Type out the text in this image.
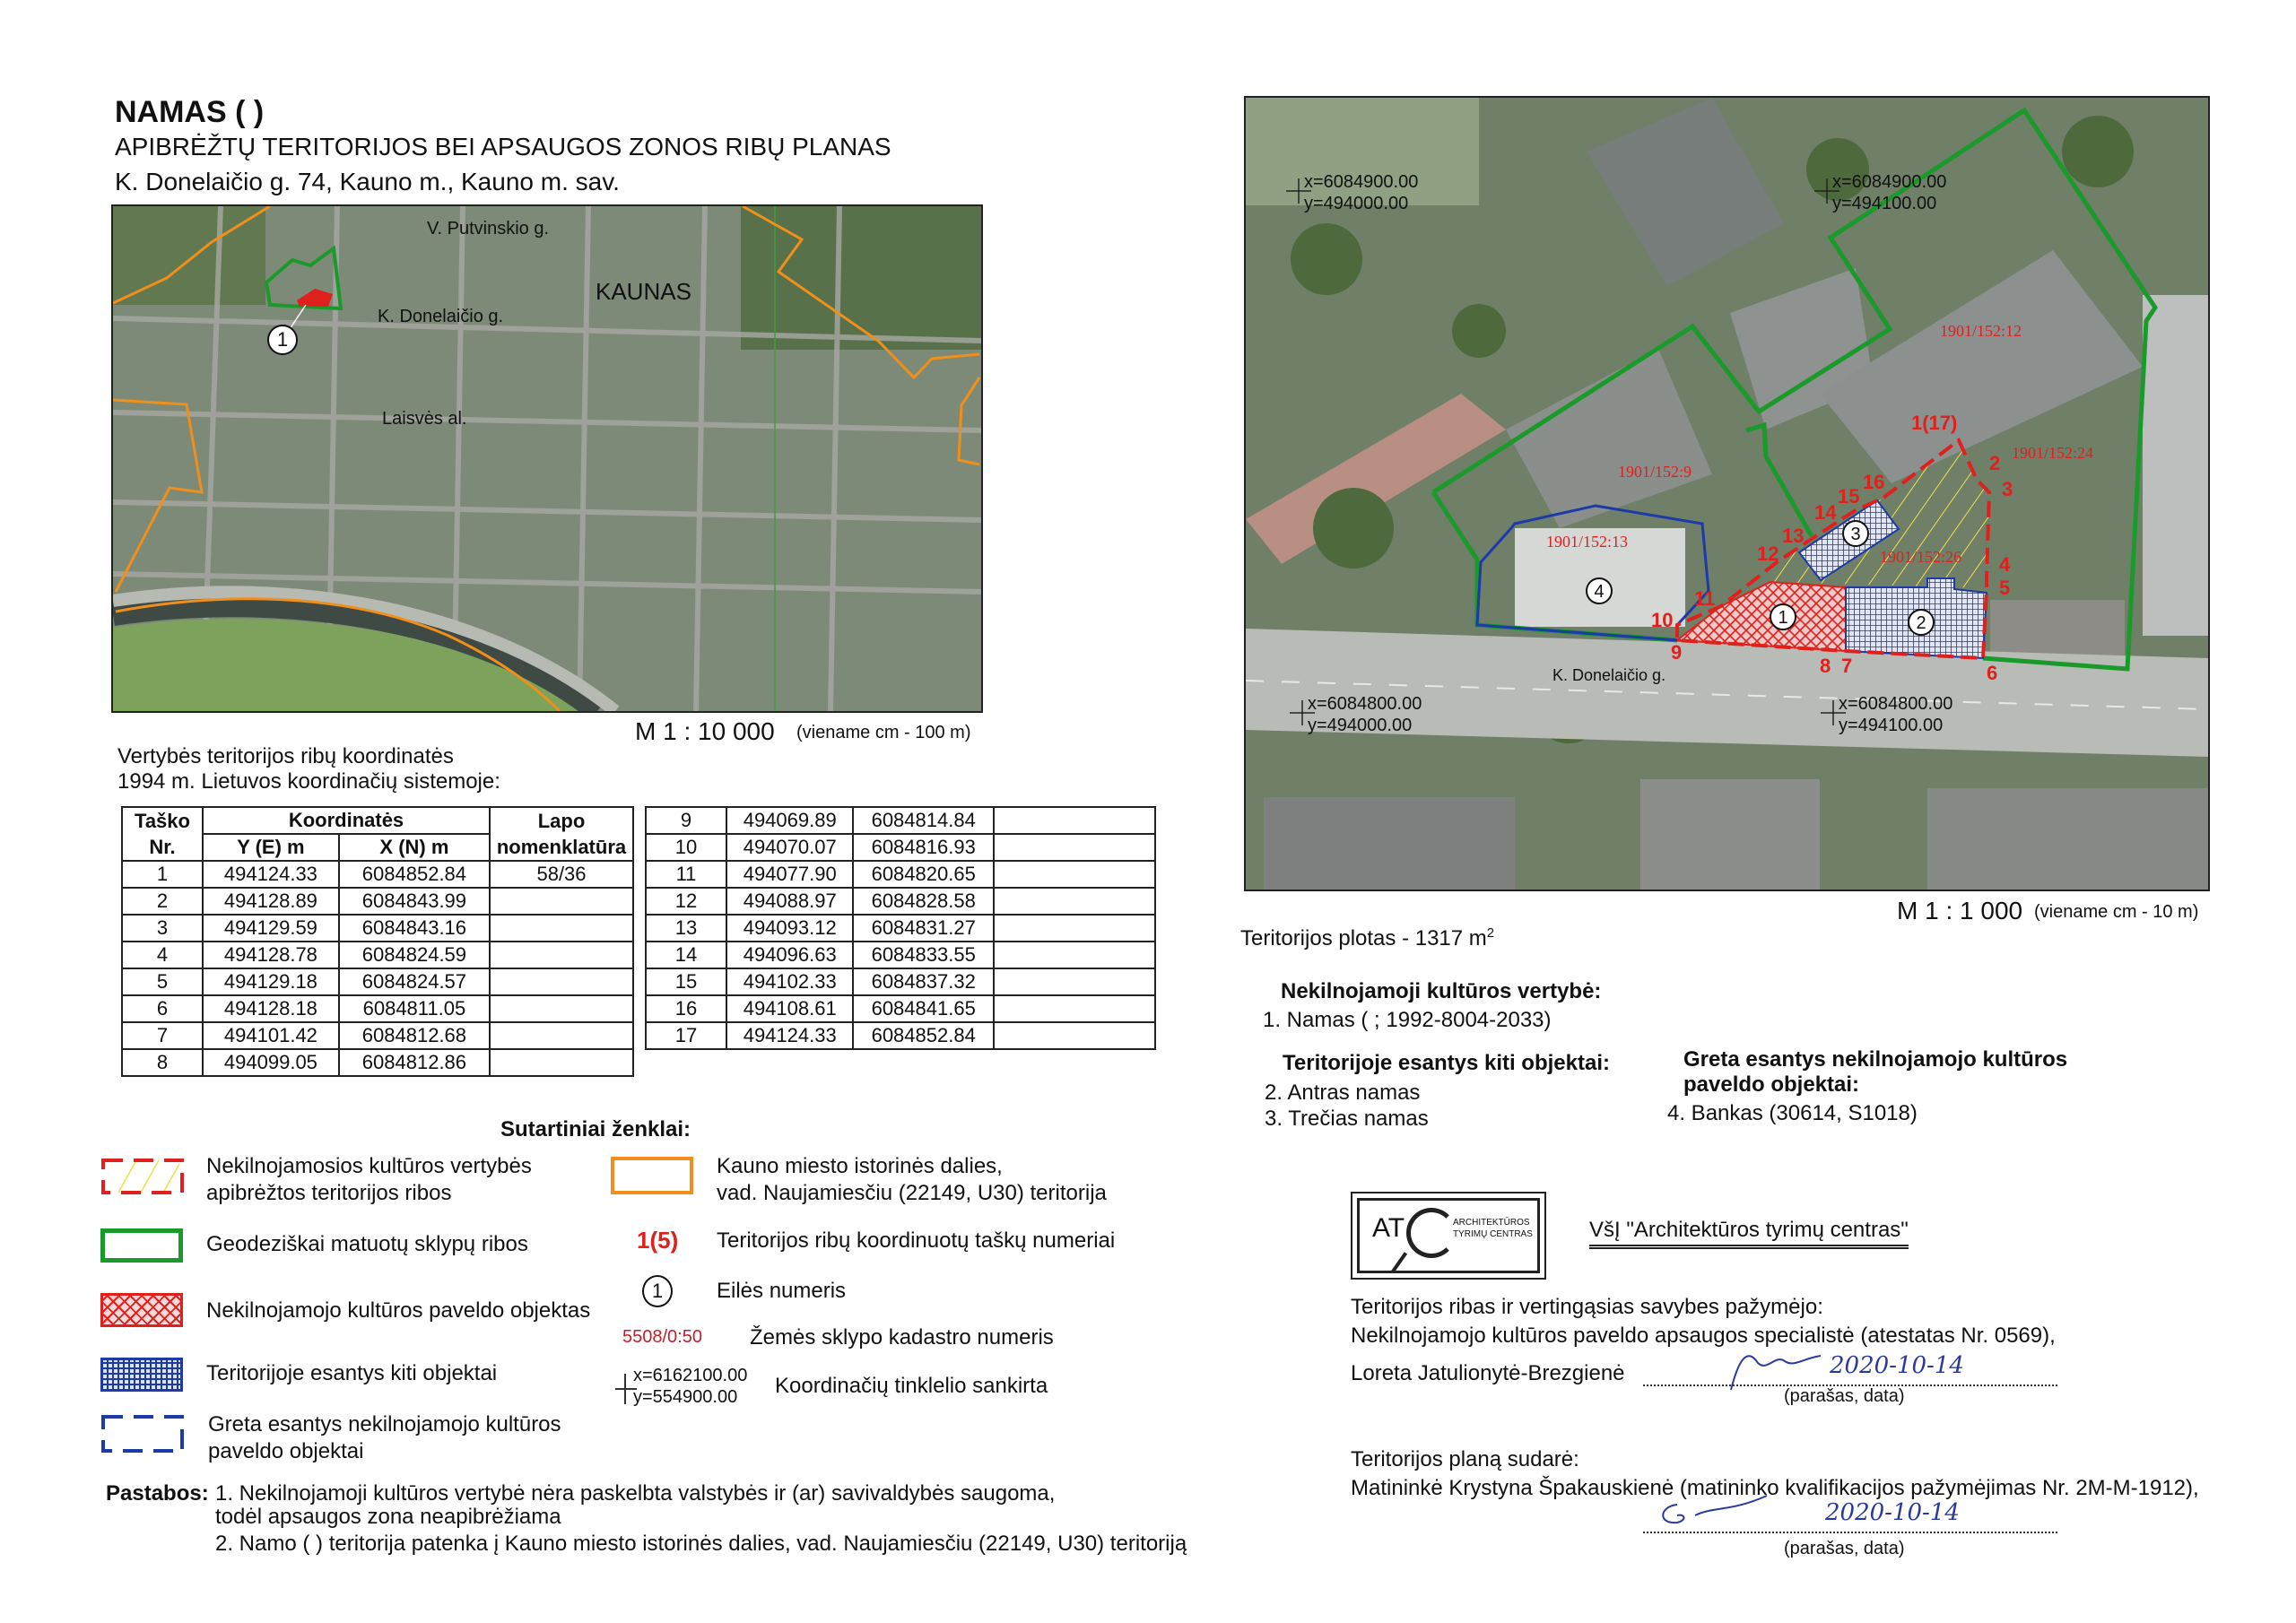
NAMAS ( )
APIBRĖŽTŲ TERITORIJOS BEI APSAUGOS ZONOS RIBŲ PLANAS
K. Donelaičio g. 74, Kauno m., Kauno m. sav.
V. Putvinskio g.
KAUNAS
K. Donelaičio g.
Laisvės al.
1
M 1 : 10 000 (viename cm - 100 m)
Vertybės teritorijos ribų koordinatės
1994 m. Lietuvos koordinačių sistemoje:
Taško	Koordinatės		Lapo
Nr.	Y (E) m	X (N) m	nomenklatūra
1	494124.33	6084852.84	58/36
2	494128.89	6084843.99	
3	494129.59	6084843.16	
4	494128.78	6084824.59	
5	494129.18	6084824.57	
6	494128.18	6084811.05	
7	494101.42	6084812.68	
8	494099.05	6084812.86	
9	494069.89	6084814.84	
10	494070.07	6084816.93	
11	494077.90	6084820.65	
12	494088.97	6084828.58	
13	494093.12	6084831.27	
14	494096.63	6084833.55	
15	494102.33	6084837.32	
16	494108.61	6084841.65	
17	494124.33	6084852.84	
Sutartiniai ženklai:
Nekilnojamosios kultūros vertybės
apibrėžtos teritorijos ribos
Geodeziškai matuotų sklypų ribos
Nekilnojamojo kultūros paveldo objektas
Teritorijoje esantys kiti objektai
Greta esantys nekilnojamojo kultūros
paveldo objektai
Kauno miesto istorinės dalies,
vad. Naujamiesčiu (22149, U30) teritorija
1(5) Teritorijos ribų koordinuotų taškų numeriai
1	Eilės numeris
5508/0:50 Žemės sklypo kadastro numeris
x=6162100.00
y=554900.00	Koordinačių tinklelio sankirta
Pastabos: 1. Nekilnojamoji kultūros vertybė nėra paskelbta valstybės ir (ar) savivaldybės saugoma,
todėl apsaugos zona neapibrėžiama
2. Namo ( ) teritorija patenka į Kauno miesto istorinės dalies, vad. Naujamiesčiu (22149, U30) teritoriją
x=6084900.00
y=494000.00
x=6084900.00
y=494100.00
x=6084800.00
y=494000.00
x=6084800.00
y=494100.00
1901/152:12
1901/152:24
1901/152:9
1901/152:13
1901/152:26
1(17)
2
3
4
5
6
7
8
9
10
11
12
13
14
15
16
1	2
3
4
K. Donelaičio g.
M 1 : 1 000 (viename cm - 10 m)
Teritorijos plotas - 1317 $m^2$
Nekilnojamoji kultūros vertybė:
1. Namas ( ; 1992-8004-2033)
Teritorijoje esantys kiti objektai:
2. Antras namas
3. Trečias namas
Greta esantys nekilnojamojo kultūros
paveldo objektai:
4. Bankas (30614, S1018)
AT	ARCHITEKTŪROS
TYRIMŲ CENTRAS	VšĮ "Architektūros tyrimų centras"
Teritorijos ribas ir vertingąsias savybes pažymėjo:
Nekilnojamojo kultūros paveldo apsaugos specialistė (atestatas Nr. 0569),
Loreta Jatulionytė-Brezgienė	2020-10-14
(parašas, data)
Teritorijos planą sudarė:
Matininkė Krystyna Špakauskienė (matininko kvalifikacijos pažymėjimas Nr. 2M-M-1912),
2020-10-14
(parašas, data)
